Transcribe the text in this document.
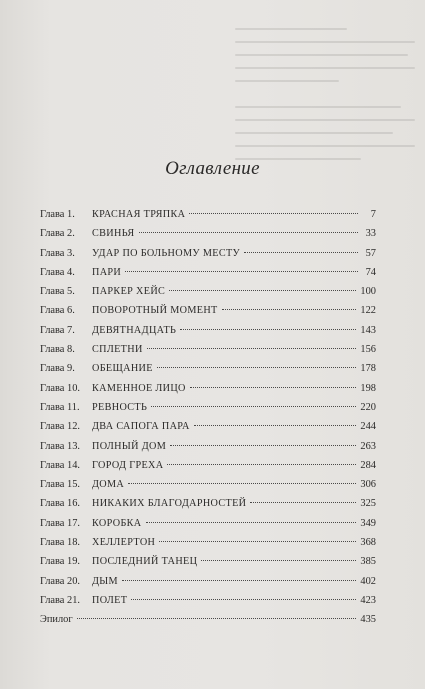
Оглавление
Глава 1.	КРАСНАЯ ТРЯПКА	7
Глава 2.	СВИНЬЯ	33
Глава 3.	УДАР ПО БОЛЬНОМУ МЕСТУ	57
Глава 4.	ПАРИ	74
Глава 5.	ПАРКЕР ХЕЙС	100
Глава 6.	ПОВОРОТНЫЙ МОМЕНТ	122
Глава 7.	ДЕВЯТНАДЦАТЬ	143
Глава 8.	СПЛЕТНИ	156
Глава 9.	ОБЕЩАНИЕ	178
Глава 10.	КАМЕННОЕ ЛИЦО	198
Глава 11.	РЕВНОСТЬ	220
Глава 12.	ДВА САПОГА ПАРА	244
Глава 13.	ПОЛНЫЙ ДОМ	263
Глава 14.	ГОРОД ГРЕХА	284
Глава 15.	ДОМА	306
Глава 16.	НИКАКИХ БЛАГОДАРНОСТЕЙ	325
Глава 17.	КОРОБКА	349
Глава 18.	ХЕЛЛЕРТОН	368
Глава 19.	ПОСЛЕДНИЙ ТАНЕЦ	385
Глава 20.	ДЫМ	402
Глава 21.	ПОЛЕТ	423
Эпилог	435
